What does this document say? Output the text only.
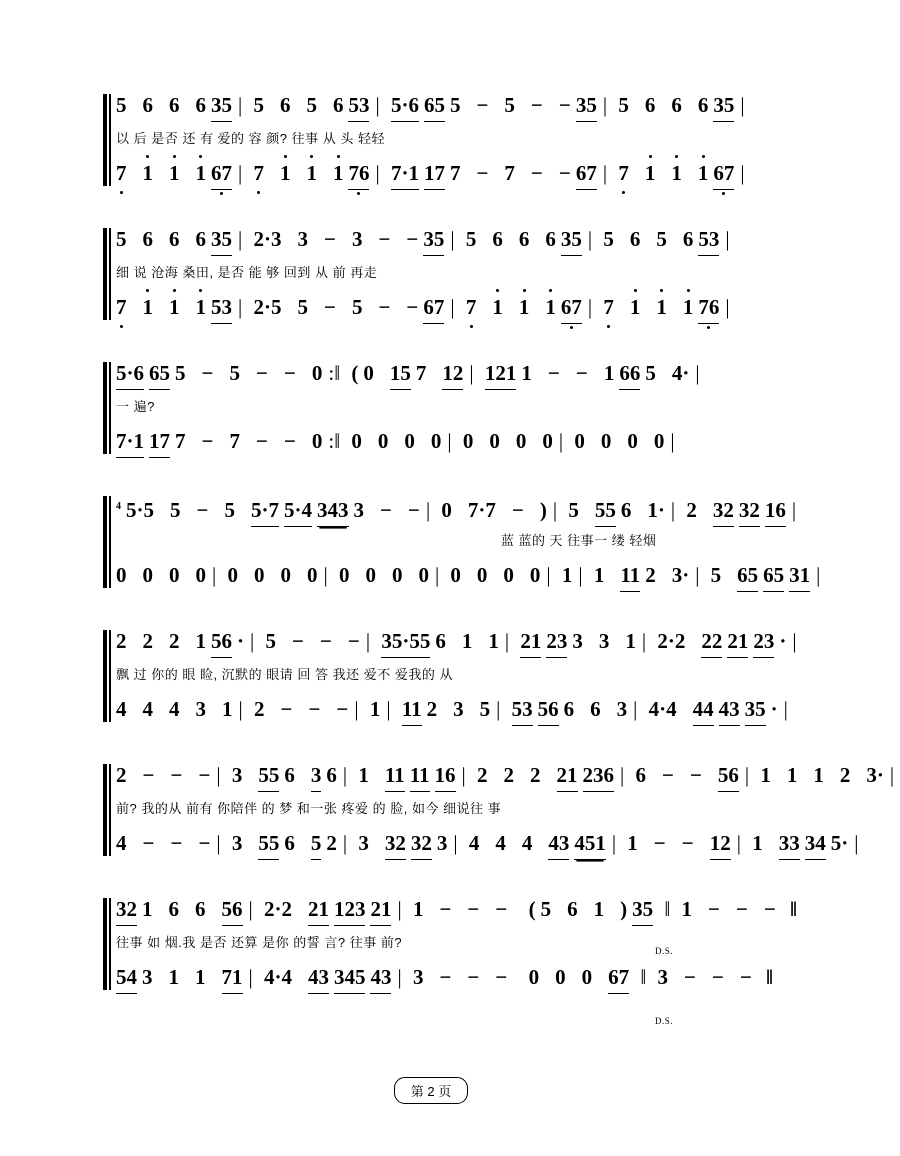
5 6 6 6 35 | 5 6 5 6 53 | 5·6 65 5 − 5 − − 35 | 5 6 6 6 35 |
以 后 是否 还 有 爱的 容 颜? 往事 从 头 轻轻
7 1 1 1 67 | 7 1 1 1 76 | 7·1 17 7 − 7 − − 67 | 7 1 1 1 67 |
5 6 6 6 35 | 2·3 3 − 3 − − 35 | 5 6 6 6 35 | 5 6 5 6 53 |
细 说 沧海 桑田, 是否 能 够 回到 从 前 再走
7 1 1 1 53 | 2·5 5 − 5 − − 67 | 7 1 1 1 67 | 7 1 1 1 76 |
5·6 65 5 − 5 − − 0 :‖ ( 0 15 7 12 | 121 1 − − 1 66 5 4· |
一 遍?
7·1 17 7 − 7 − − 0 :‖ 0 0 0 0 | 0 0 0 0 | 0 0 0 0 |
4 5·5 5 − 5 5·7 5·4 343 3 − − | 0 7·7 − ) | 5 55 6 1· | 2 32 32 16 |
蓝 蓝的 天 往事一 缕 轻烟
0 0 0 0 | 0 0 0 0 | 0 0 0 0 | 0 0 0 0 | 1 | 1 11 2 3· | 5 65 65 31 |
2 2 2 1 56 · | 5 − − − | 35·55 6 1 1 | 21 23 3 3 1 | 2·2 22 21 23 · |
飘 过 你的 眼 睑, 沉默的 眼请 回 答 我还 爱不 爱我的 从
4 4 4 3 1 | 2 − − − | 1 | 11 2 3 5 | 53 56 6 6 3 | 4·4 44 43 35 · |
2 − − − | 3 55 6 3 6 | 1 11 11 16 | 2 2 2 21 236 | 6 − − 56 | 1 1 1 2 3· |
前? 我的从 前有 你陪伴 的 梦 和一张 疼爱 的 脸, 如今 细说往 事
4 − − − | 3 55 6 5 2 | 3 32 32 3 | 4 4 4 43 451 | 1 − − 12 | 1 33 34 5· |
32 1 6 6 56 | 2·2 21 123 21 | 1 − − − ( 5 6 1 ) 35 ‖ 1 − − − ‖
往事 如 烟.我 是否 还算 是你 的誓 言? 往事 前?
54 3 1 1 71 | 4·4 43 345 43 | 3 − − − 0 0 0 67 ‖ 3 − − − ‖
D.S.
D.S.
第 2 页
